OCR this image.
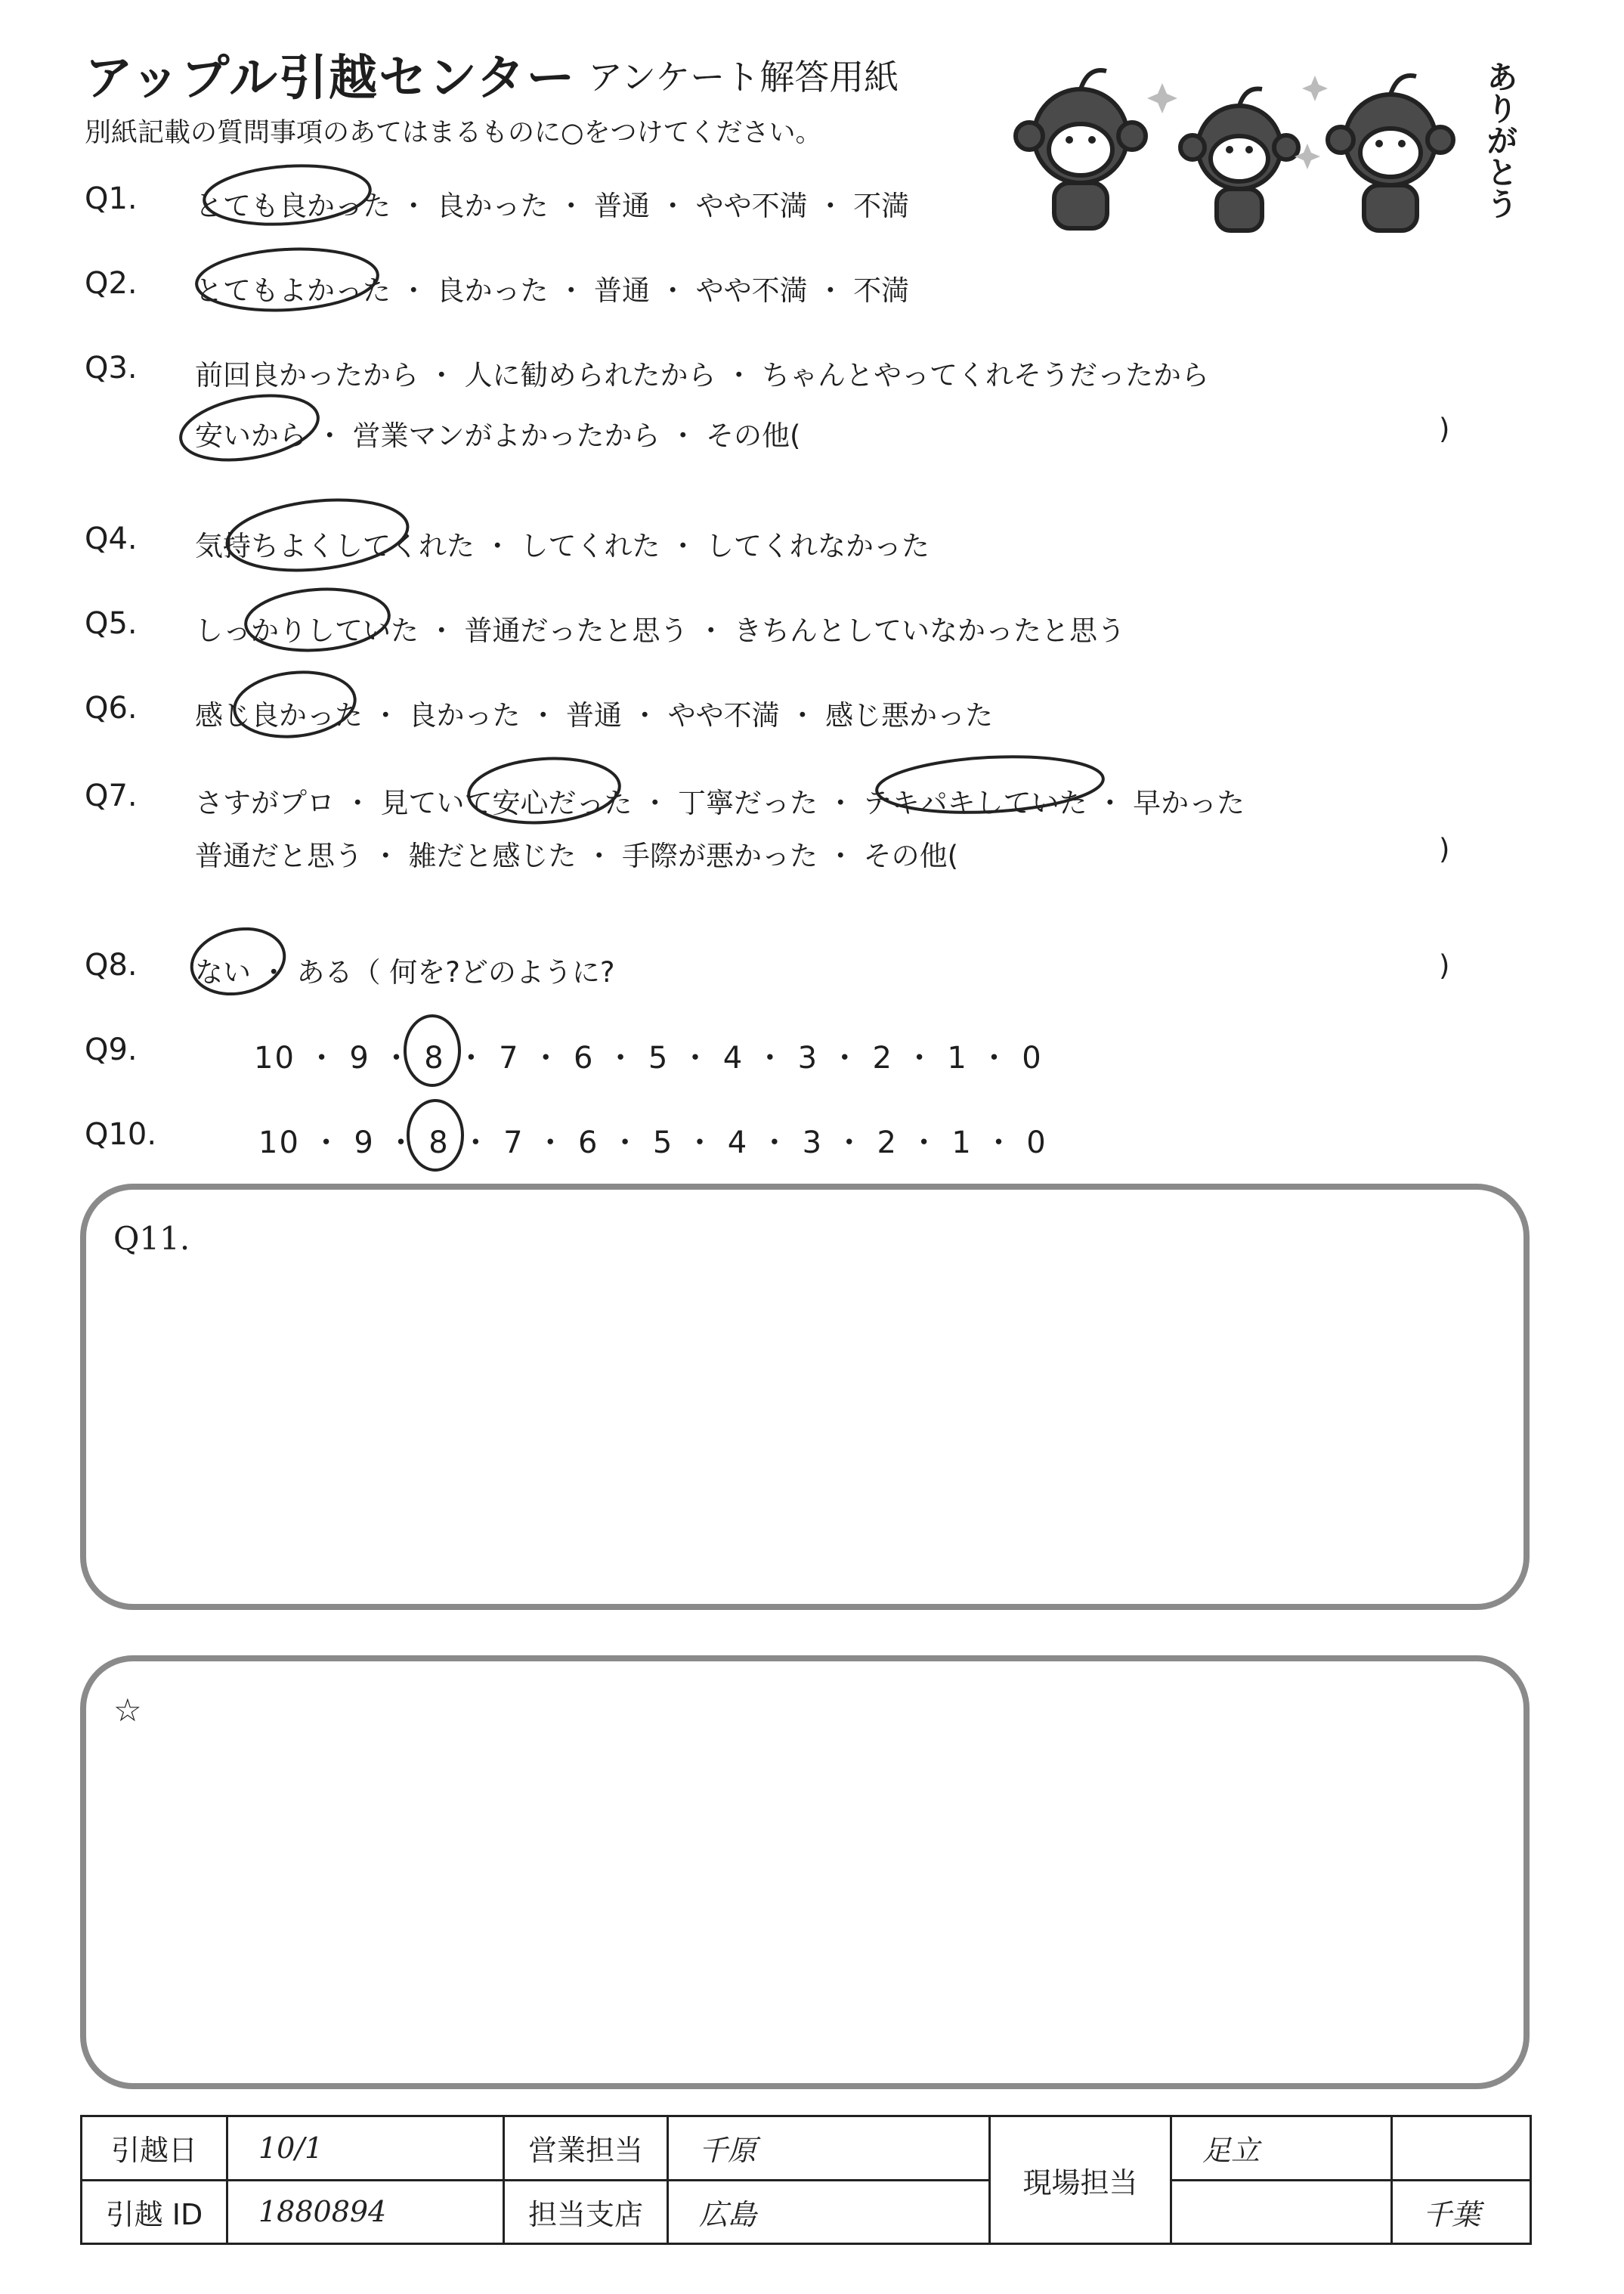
アップル引越センター アンケート解答用紙
別紙記載の質問事項のあてはまるものに○をつけてください。	ありがとう
Q1. とても良かった ・ 良かった ・ 普通 ・ やや不満 ・ 不満
Q2. とてもよかった ・ 良かった ・ 普通 ・ やや不満 ・ 不満
Q3. 前回良かったから ・ 人に勧められたから ・ ちゃんとやってくれそうだったから
安いから ・ 営業マンがよかったから ・ その他(	)
Q4. 気持ちよくしてくれた ・ してくれた ・ してくれなかった
Q5. しっかりしていた ・ 普通だったと思う ・ きちんとしていなかったと思う
Q6. 感じ良かった ・ 良かった ・ 普通 ・ やや不満 ・ 感じ悪かった
Q7. さすがプロ ・ 見ていて安心だった ・ 丁寧だった ・ テキパキしていた ・ 早かった
普通だと思う ・ 雑だと感じた ・ 手際が悪かった ・ その他(	)
Q8. ない ・ ある（ 何を?どのように?	)
Q9.	10 ・ 9 ・ 8 ・ 7 ・ 6 ・ 5 ・ 4 ・ 3 ・ 2 ・ 1 ・ 0
Q10.	10 ・ 9 ・ 8 ・ 7 ・ 6 ・ 5 ・ 4 ・ 3 ・ 2 ・ 1 ・ 0
Q11.
☆
引越日	10/1	営業担当	千原	現場担当	足立	
引越 ID	1880894	担当支店	広島			千葉
